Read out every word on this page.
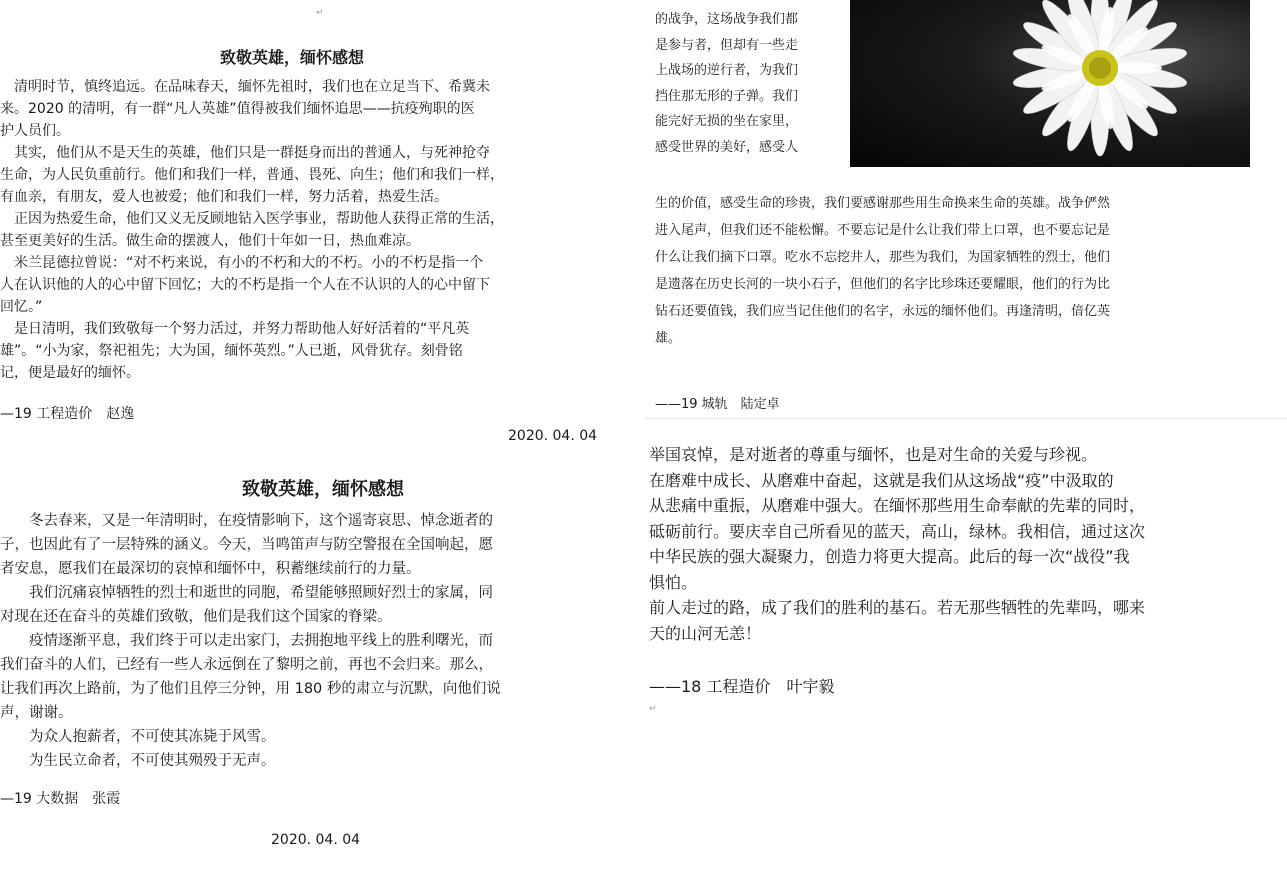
↵
致敬英雄，缅怀感想
　清明时节，慎终追远。在品味春天，缅怀先祖时，我们也在立足当下、希冀未
来。2020 的清明，有一群“凡人英雄”值得被我们缅怀追思——抗疫殉职的医
护人员们。
　其实，他们从不是天生的英雄，他们只是一群挺身而出的普通人，与死神抢夺
生命，为人民负重前行。他们和我们一样，普通、畏死、向生；他们和我们一样，
有血亲，有朋友，爱人也被爱；他们和我们一样，努力活着，热爱生活。
　正因为热爱生命，他们又义无反顾地钻入医学事业，帮助他人获得正常的生活，
甚至更美好的生活。做生命的摆渡人，他们十年如一日，热血难凉。
　米兰昆德拉曾说：“对不朽来说，有小的不朽和大的不朽。小的不朽是指一个
人在认识他的人的心中留下回忆；大的不朽是指一个人在不认识的人的心中留下
回忆。”
　是日清明，我们致敬每一个努力活过，并努力帮助他人好好活着的“平凡英
雄”。“小为家，祭祀祖先；大为国，缅怀英烈。”人已逝，风骨犹存。刻骨铭
记，便是最好的缅怀。
—19 工程造价　赵逸
2020. 04. 04
致敬英雄，缅怀感想
　　冬去春来，又是一年清明时，在疫情影响下，这个遥寄哀思、悼念逝者的
子，也因此有了一层特殊的涵义。今天，当鸣笛声与防空警报在全国响起，愿
者安息，愿我们在最深切的哀悼和缅怀中，积蓄继续前行的力量。
　　我们沉痛哀悼牺牲的烈士和逝世的同胞，希望能够照顾好烈士的家属，同
对现在还在奋斗的英雄们致敬，他们是我们这个国家的脊梁。
　　疫情逐渐平息，我们终于可以走出家门，去拥抱地平线上的胜利曙光，而
我们奋斗的人们，已经有一些人永远倒在了黎明之前，再也不会归来。那么，
让我们再次上路前，为了他们且停三分钟，用 180 秒的肃立与沉默，向他们说
声，谢谢。
　　为众人抱薪者，不可使其冻毙于风雪。
　　为生民立命者，不可使其殒殁于无声。
—19 大数据　张霞
2020. 04. 04
的战争，这场战争我们都
是参与者，但却有一些走
上战场的逆行者，为我们
挡住那无形的子弹。我们
能完好无损的坐在家里，
感受世界的美好，感受人
生的价值，感受生命的珍贵，我们要感谢那些用生命换来生命的英雄。战争俨然
进入尾声，但我们还不能松懈。不要忘记是什么让我们带上口罩，也不要忘记是
什么让我们摘下口罩。吃水不忘挖井人，那些为我们，为国家牺牲的烈士，他们
是遗落在历史长河的一块小石子，但他们的名字比珍珠还要耀眼，他们的行为比
钻石还要值钱，我们应当记住他们的名字，永远的缅怀他们。再逢清明，偣亿英
雄。
——19 城轨　陆定卓
举国哀悼，是对逝者的尊重与缅怀，也是对生命的关爱与珍视。
在磨难中成长、从磨难中奋起，这就是我们从这场战“疫”中汲取的
从悲痛中重振，从磨难中强大。在缅怀那些用生命奉献的先辈的同时，
砥砺前行。要庆幸自己所看见的蓝天，高山，绿林。我相信，通过这次
中华民族的强大凝聚力，创造力将更大提高。此后的每一次“战役”我
惧怕。
前人走过的路，成了我们的胜利的基石。若无那些牺牲的先辈吗，哪来
天的山河无恙！
——18 工程造价　叶宇毅
↵
